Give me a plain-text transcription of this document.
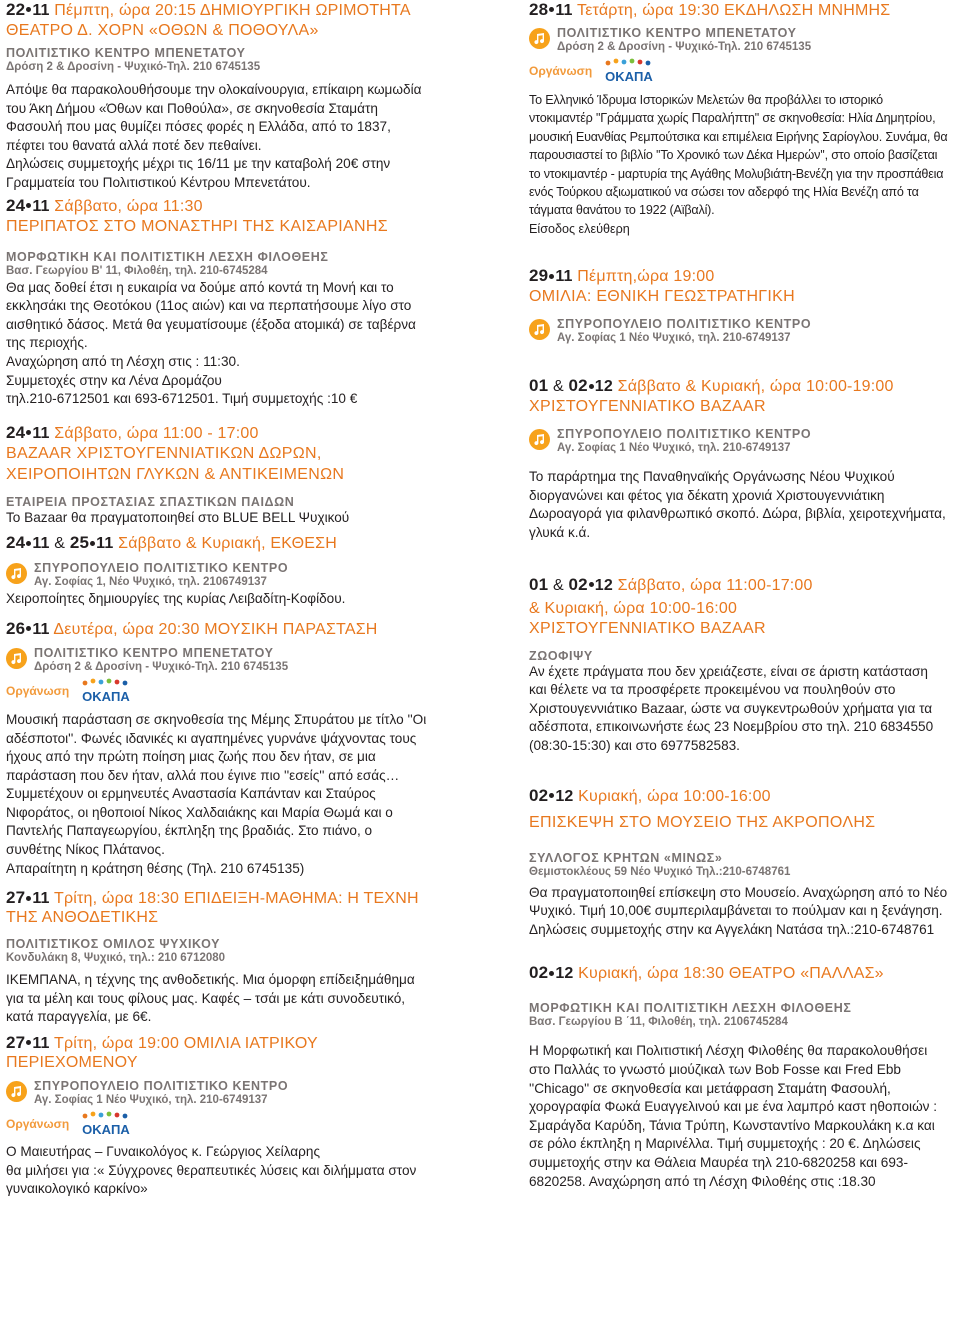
22 11 Πέμπτη, ώρα 20:15 ΔΗΜΙΟΥΡΓΙΚΗ ΩΡΙΜΟΤΗΤΑ
ΘΕΑΤΡΟ Δ. ΧΟΡΝ «ΟΘΩΝ & ΠΟΘΟΥΛΑ»
ΠΟΛΙΤΙΣΤΙΚΟ ΚΕΝΤΡΟ ΜΠΕΝΕΤΑΤΟΥ
Δρόση 2 & Δροσίνη - Ψυχικό-Τηλ. 210 6745135
Απόψε θα παρακολουθήσουμε την ολοκαίνουργια, επίκαιρη κωμωδία του Άκη Δήμου «Όθων και Ποθούλα», σε σκηνοθεσία Σταμάτη Φασουλή που μας θυμίζει πόσες φορές η Ελλάδα, από το 1837, πέφτει του θανατά αλλά ποτέ δεν πεθαίνει.
Δηλώσεις συμμετοχής μέχρι τις 16/11 με την καταβολή 20€ στην Γραμματεία του Πολιτιστικού Κέντρου Μπενετάτου.
24 11 Σάββατο, ώρα 11:30
ΠΕΡΙΠΑΤΟΣ ΣΤΟ ΜΟΝΑΣΤΗΡΙ ΤΗΣ ΚΑΙΣΑΡΙΑΝΗΣ
ΜΟΡΦΩΤΙΚΗ ΚΑΙ ΠΟΛΙΤΙΣΤΙΚΗ ΛΕΣΧΗ ΦΙΛΟΘΕΗΣ
Βασ. Γεωργίου Β' 11, Φιλοθέη, τηλ. 210-6745284
Θα μας δοθεί έτσι η ευκαιρία να δούμε από κοντά τη Μονή και το εκκλησάκι της Θεοτόκου (11ος αιών) και να περπατήσουμε λίγο στο αισθητικό δάσος. Μετά θα γευματίσουμε (έξοδα ατομικά) σε ταβέρνα της περιοχής.
Αναχώρηση από τη Λέσχη στις : 11:30.
Συμμετοχές στην κα Λένα Δρομάζου
τηλ.210-6712501 και 693-6712501. Τιμή συμμετοχής :10 €
24 11 Σάββατο, ώρα 11:00 - 17:00
BAZAAR ΧΡΙΣΤΟΥΓΕΝΝΙΑΤΙΚΩΝ ΔΩΡΩΝ, ΧΕΙΡΟΠΟΙΗΤΩΝ ΓΛΥΚΩΝ & ΑΝΤΙΚΕΙΜΕΝΩΝ
ΕΤΑΙΡΕΙΑ ΠΡΟΣΤΑΣΙΑΣ ΣΠΑΣΤΙΚΩΝ ΠΑΙΔΩΝ
Το Bazaar θα πραγματοποιηθεί στο BLUE BELL Ψυχικού
24 11 & 25 11 Σάββατο & Κυριακή, ΕΚΘΕΣΗ
ΣΠΥΡΟΠΟΥΛΕΙΟ ΠΟΛΙΤΙΣΤΙΚΟ ΚΕΝΤΡΟ
Αγ. Σοφίας 1, Νέο Ψυχικό, τηλ. 2106749137
Χειροποίητες δημιουργίες της κυρίας Λειβαδίτη-Κοφίδου.
26 11 Δευτέρα, ώρα 20:30 ΜΟΥΣΙΚΗ ΠΑΡΑΣΤΑΣΗ
ΠΟΛΙΤΙΣΤΙΚΟ ΚΕΝΤΡΟ ΜΠΕΝΕΤΑΤΟΥ
Δρόση 2 & Δροσίνη - Ψυχικό-Τηλ. 210 6745135
Οργάνωση ΟΚΑΠΑ
Μουσική παράσταση σε σκηνοθεσία της Μέμης Σπυράτου με τίτλο ''Οι αδέσποτοι''. Φωνές ιδανικές κι αγαπημένες γυρνάνε ψάχνοντας τους ήχους από την πρώτη ποίηση μιας ζωής που δεν ήταν, σε μια παράσταση που δεν ήταν, αλλά που έγινε πιο ''εσείς'' από εσάς…
Συμμετέχουν οι ερμηνευτές Αναστασία Καπάνταν και Σταύρος Νιφοράτος, οι ηθοποιοί Νίκος Χαλδαιάκης και Μαρία Θωμά και ο Παντελής Παπαγεωργίου, έκπληξη της βραδιάς. Στο πιάνο, ο συνθέτης Νίκος Πλάτανος.
Απαραίτητη η κράτηση θέσης (Τηλ. 210 6745135)
27 11 Τρίτη, ώρα 18:30 ΕΠΙΔΕΙΞΗ-ΜΑΘΗΜΑ: Η ΤΕΧΝΗ ΤΗΣ ΑΝΘΟΔΕΤΙΚΗΣ
ΠΟΛΙΤΙΣΤΙΚΟΣ ΟΜΙΛΟΣ ΨΥΧΙΚΟΥ
Κονδυλάκη 8, Ψυχικό, τηλ.: 210 6712080
ΙΚΕΜΠΑΝΑ, η τέχνης της ανθοδετικής. Μια όμορφη επίδειξημάθημα για τα μέλη και τους φίλους μας. Καφές – τσάι με κάτι συνοδευτικό, κατά παραγγελία, με 6€.
27 11 Τρίτη, ώρα 19:00 ΟΜΙΛΙΑ ΙΑΤΡΙΚΟΥ ΠΕΡΙΕΧΟΜΕΝΟΥ
ΣΠΥΡΟΠΟΥΛΕΙΟ ΠΟΛΙΤΙΣΤΙΚΟ ΚΕΝΤΡΟ
Αγ. Σοφίας 1 Νέο Ψυχικό, τηλ. 210-6749137
Οργάνωση ΟΚΑΠΑ
Ο Μαιευτήρας – Γυναικολόγος κ. Γεώργιος Χείλαρης
θα μιλήσει για :« Σύγχρονες θεραπευτικές λύσεις και διλήμματα στον γυναικολογικό καρκίνο»
28 11 Τετάρτη, ώρα 19:30 ΕΚΔΗΛΩΣΗ ΜΝΗΜΗΣ
ΠΟΛΙΤΙΣΤΙΚΟ ΚΕΝΤΡΟ ΜΠΕΝΕΤΑΤΟΥ
Δρόση 2 & Δροσίνη - Ψυχικό-Τηλ. 210 6745135
Οργάνωση ΟΚΑΠΑ
Το Ελληνικό Ίδρυμα Ιστορικών Μελετών θα προβάλλει το ιστορικό ντοκιμαντέρ ''Γράμματα χωρίς Παραλήπτη'' σε σκηνοθεσία: Ηλία Δημητρίου, μουσική Ευανθίας Ρεμπούτσικα και επιμέλεια Ειρήνης Σαρίογλου. Συνάμα, θα παρουσιαστεί το βιβλίο ''Το Χρονικό των Δέκα Ημερών'', στο οποίο βασίζεται το ντοκιμαντέρ - μαρτυρία της Αγάθης Μολυβιάτη-Βενέζη για την προσπάθεια ενός Τούρκου αξιωματικού να σώσει τον αδερφό της Ηλία Βενέζη από τα τάγματα θανάτου το 1922 (Αϊβαλί).
Είσοδος ελεύθερη
29 11 Πέμπτη,ώρα 19:00
ΟΜΙΛΙΑ: ΕΘΝΙΚΗ ΓΕΩΣΤΡΑΤΗΓΙΚΗ
ΣΠΥΡΟΠΟΥΛΕΙΟ ΠΟΛΙΤΙΣΤΙΚΟ ΚΕΝΤΡΟ
Αγ. Σοφίας 1 Νέο Ψυχικό, τηλ. 210-6749137
01 & 02 12 Σάββατο & Κυριακή, ώρα 10:00-19:00
ΧΡΙΣΤΟΥΓΕΝΝΙΑΤΙΚΟ BAZAAR
ΣΠΥΡΟΠΟΥΛΕΙΟ ΠΟΛΙΤΙΣΤΙΚΟ ΚΕΝΤΡΟ
Αγ. Σοφίας 1 Νέο Ψυχικό, τηλ. 210-6749137
Το παράρτημα της Παναθηναϊκής Οργάνωσης Νέου Ψυχικού διοργανώνει και φέτος για δέκατη χρονιά Χριστουγεννιάτικη Δωροαγορά για φιλανθρωπικό σκοπό. Δώρα, βιβλία, χειροτεχνήματα, γλυκά κ.ά.
01 & 02 12 Σάββατο, ώρα 11:00-17:00
& Κυριακή, ώρα 10:00-16:00
ΧΡΙΣΤΟΥΓΕΝΝΙΑΤΙΚΟ BAZAAR
ΖΩΟΦΙΨΥ
Αν έχετε πράγματα που δεν χρειάζεστε, είναι σε άριστη κατάσταση και θέλετε να τα προσφέρετε προκειμένου να πουληθούν στο Χριστουγεννιάτικο Bazaar, ώστε να συγκεντρωθούν χρήματα για τα αδέσποτα, επικοινωνήστε έως 23 Νοεμβρίου στο τηλ. 210 6834550 (08:30-15:30) και στο 6977582583.
02 12 Κυριακή, ώρα 10:00-16:00
ΕΠΙΣΚΕΨΗ ΣΤΟ ΜΟΥΣΕΙΟ ΤΗΣ ΑΚΡΟΠΟΛΗΣ
ΣΥΛΛΟΓΟΣ ΚΡΗΤΩΝ «ΜΙΝΩΣ»
Θεμιστοκλέους 59 Νέο Ψυχικό Τηλ.:210-6748761
Θα πραγματοποιηθεί επίσκεψη στο Μουσείο. Αναχώρηση από το Νέο Ψυχικό. Τιμή 10,00€ συμπεριλαμβάνεται το πούλμαν και η ξενάγηση.
Δηλώσεις συμμετοχής στην κα Αγγελάκη Νατάσα τηλ.:210-6748761
02 12 Κυριακή, ώρα 18:30 ΘΕΑΤΡΟ «ΠΑΛΛΑΣ»
ΜΟΡΦΩΤΙΚΗ ΚΑΙ ΠΟΛΙΤΙΣΤΙΚΗ ΛΕΣΧΗ ΦΙΛΟΘΕΗΣ
Βασ. Γεωργίου Β ΄11, Φιλοθέη, τηλ. 2106745284
Η Μορφωτική και Πολιτιστική Λέσχη Φιλοθέης θα παρακολουθήσει στο Παλλάς το γνωστό μιούζικαλ των Bob Fosse και Fred Ebb ''Chicago'' σε σκηνοθεσία και μετάφραση Σταμάτη Φασουλή, χορογραφία Φωκά Ευαγγελινού και με ένα λαμπρό καστ ηθοποιών : Σμαράγδα Καρύδη, Τάνια Τρύπη, Κωνσταντίνο Μαρκουλάκη κ.α και σε ρόλο έκπληξη η Μαρινέλλα. Τιμή συμμετοχής : 20 €. Δηλώσεις συμμετοχής στην κα Θάλεια Μαυρέα τηλ 210-6820258 και 693-6820258. Αναχώρηση από τη Λέσχη Φιλοθέης στις :18.30
